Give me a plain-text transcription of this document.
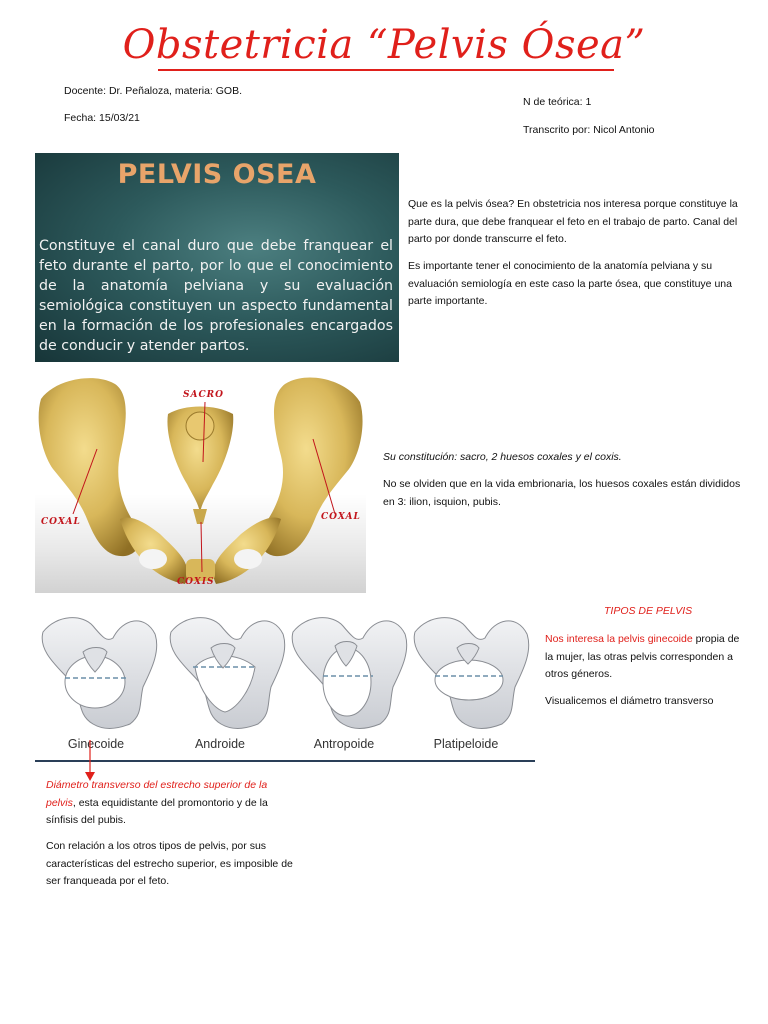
Obstetricia “Pelvis Ósea”
Docente: Dr. Peñaloza, materia: GOB.
Fecha: 15/03/21
N de teórica: 1
Transcrito por: Nicol Antonio
PELVIS OSEA
Constituye el canal duro que debe franquear el feto durante el parto, por lo que el conocimiento de la anatomía pelviana y su evaluación semiológica constituyen un aspecto fundamental en la formación de los profesionales encargados de conducir y atender partos.
Que es la pelvis ósea? En obstetricia nos interesa porque constituye la parte dura, que debe franquear el feto en el trabajo de parto. Canal del parto por donde transcurre el feto.
Es importante tener el conocimiento de la anatomía pelviana y su evaluación semiología en este caso la parte ósea, que constituye una parte importante.
SACRO
COXAL	COXAL
COXIS
Su constitución: sacro, 2 huesos coxales y el coxis.
No se olviden que en la vida embrionaria, los huesos coxales están divididos en 3: ilion, isquion, pubis.
Ginecoide	Androide	Antropoide	Platipeloide
TIPOS DE PELVIS
Nos interesa la pelvis ginecoide propia de la mujer, las otras pelvis corresponden a otros géneros.
Visualicemos el diámetro transverso
Diámetro transverso del estrecho superior de la pelvis, esta equidistante del promontorio y de la sínfisis del pubis.
Con relación a los otros tipos de pelvis, por sus características del estrecho superior, es imposible de ser franqueada por el feto.
